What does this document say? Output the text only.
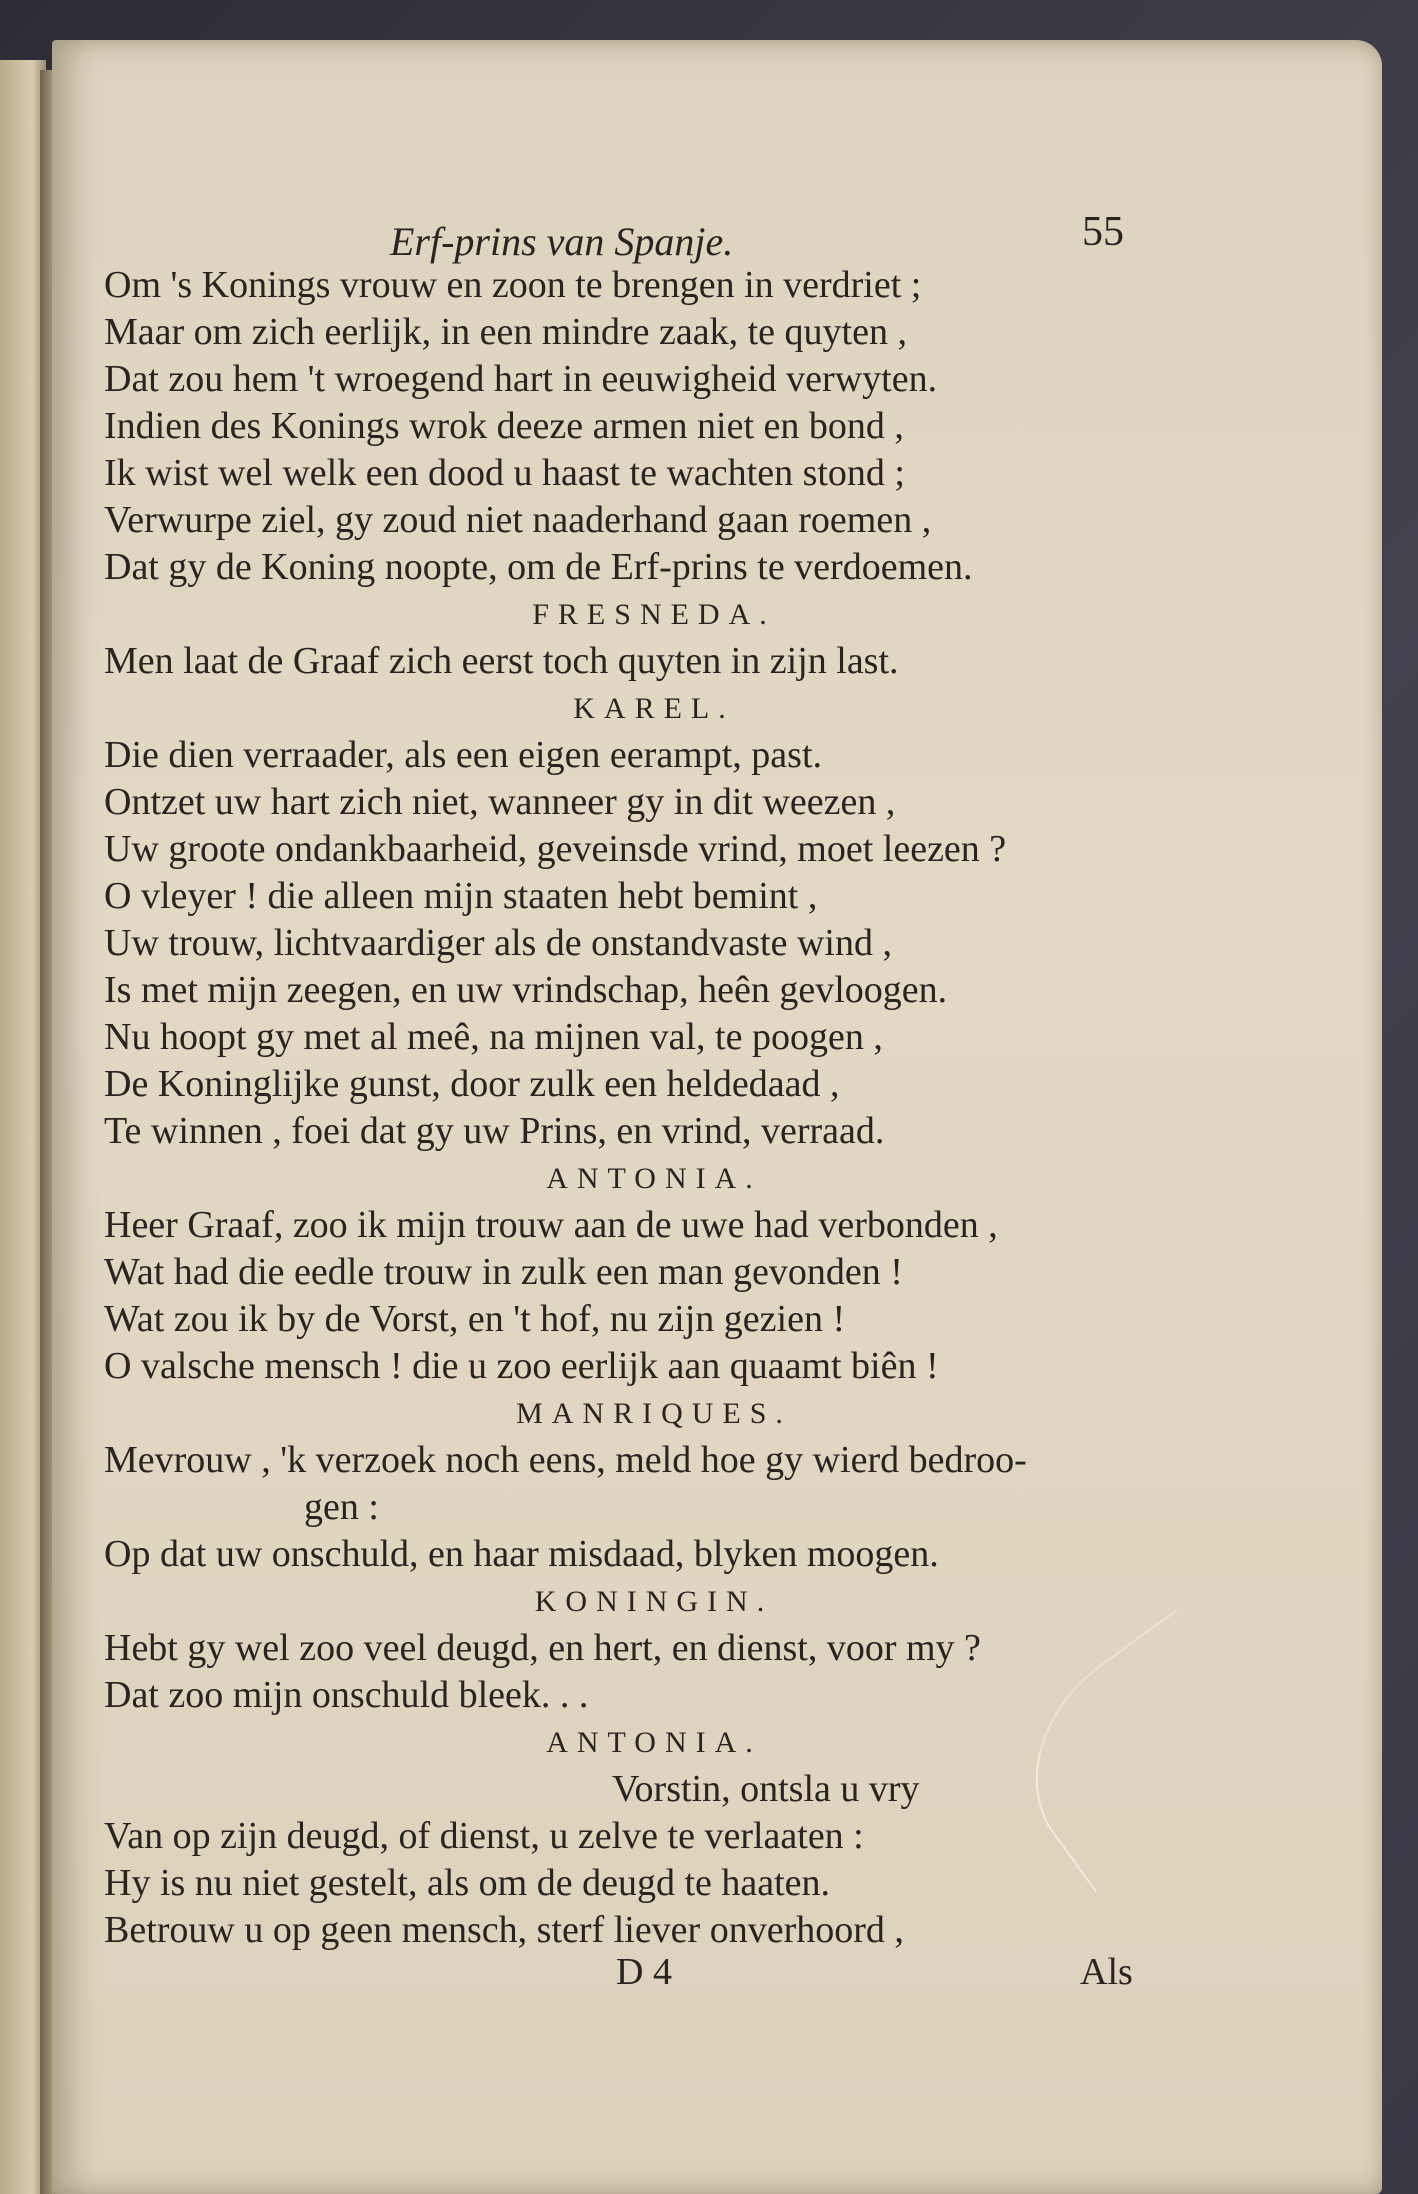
Erf-prins van Spanje.	55
Om 's Konings vrouw en zoon te brengen in verdriet ;
Maar om zich eerlijk, in een mindre zaak, te quyten ,
Dat zou hem 't wroegend hart in eeuwigheid verwyten.
Indien des Konings wrok deeze armen niet en bond ,
Ik wist wel welk een dood u haast te wachten stond ;
Verwurpe ziel, gy zoud niet naaderhand gaan roemen ,
Dat gy de Koning noopte, om de Erf-prins te verdoemen.
FRESNEDA.
Men laat de Graaf zich eerst toch quyten in zijn last.
KAREL.
Die dien verraader, als een eigen eerampt, past.
Ontzet uw hart zich niet, wanneer gy in dit weezen ,
Uw groote ondankbaarheid, geveinsde vrind, moet leezen ?
O vleyer ! die alleen mijn staaten hebt bemint ,
Uw trouw, lichtvaardiger als de onstandvaste wind ,
Is met mijn zeegen, en uw vrindschap, heên gevloogen.
Nu hoopt gy met al meê, na mijnen val, te poogen ,
De Koninglijke gunst, door zulk een heldedaad ,
Te winnen , foei dat gy uw Prins, en vrind, verraad.
ANTONIA.
Heer Graaf, zoo ik mijn trouw aan de uwe had verbonden ,
Wat had die eedle trouw in zulk een man gevonden !
Wat zou ik by de Vorst, en 't hof, nu zijn gezien !
O valsche mensch ! die u zoo eerlijk aan quaamt biên !
MANRIQUES.
Mevrouw , 'k verzoek noch eens, meld hoe gy wierd bedroo-
gen :
Op dat uw onschuld, en haar misdaad, blyken moogen.
KONINGIN.
Hebt gy wel zoo veel deugd, en hert, en dienst, voor my ?
Dat zoo mijn onschuld bleek. . .
ANTONIA.
Vorstin, ontsla u vry
Van op zijn deugd, of dienst, u zelve te verlaaten :
Hy is nu niet gestelt, als om de deugd te haaten.
Betrouw u op geen mensch, sterf liever onverhoord ,
D 4	Als
